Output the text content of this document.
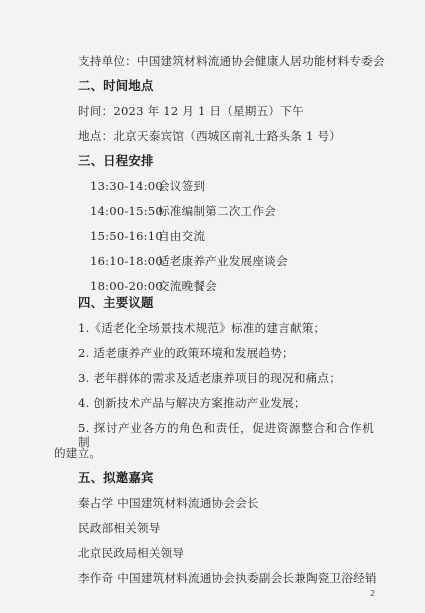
支持单位：中国建筑材料流通协会健康人居功能材料专委会
二、时间地点
时间：2023 年 12 月 1 日（星期五）下午
地点：北京天泰宾馆（西城区南礼士路头条 1 号）
三、日程安排
13:30-14:00会议签到
14:00-15:50标准编制第二次工作会
15:50-16:10自由交流
16:10-18:00适老康养产业发展座谈会
18:00-20:00交流晚餐会
四、主要议题
1.《适老化全场景技术规范》标准的建言献策；
2. 适老康养产业的政策环境和发展趋势；
3. 老年群体的需求及适老康养项目的现况和痛点；
4. 创新技术产品与解决方案推动产业发展；
5. 探讨产业各方的角色和责任，促进资源整合和合作机制
的建立。
五、拟邀嘉宾
秦占学 中国建筑材料流通协会会长
民政部相关领导
北京民政局相关领导
李作奇 中国建筑材料流通协会执委副会长兼陶瓷卫浴经销
2
